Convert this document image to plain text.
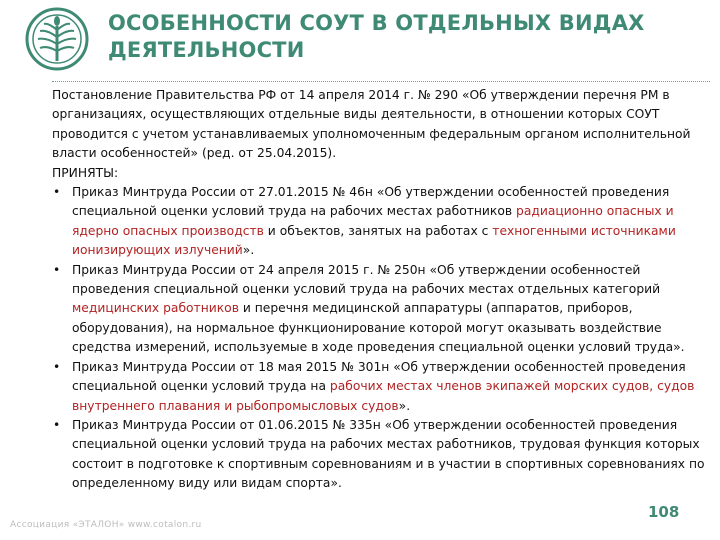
ОСОБЕННОСТИ СОУТ В ОТДЕЛЬНЫХ ВИДАХ ДЕЯТЕЛЬНОСТИ

Постановление Правительства РФ от 14 апреля 2014 г. № 290 «Об утверждении перечня РМ в организациях, осуществляющих отдельные виды деятельности, в отношении которых СОУТ проводится с учетом устанавливаемых уполномоченным федеральным органом исполнительной власти особенностей» (ред. от 25.04.2015).

ПРИНЯТЫ:

• Приказ Минтруда России от 27.01.2015 № 46н «Об утверждении особенностей проведения специальной оценки условий труда на рабочих местах работников радиационно опасных и ядерно опасных производств и объектов, занятых на работах с техногенными источниками ионизирующих излучений».
• Приказ Минтруда России от 24 апреля 2015 г. № 250н «Об утверждении особенностей проведения специальной оценки условий труда на рабочих местах отдельных категорий медицинских работников и перечня медицинской аппаратуры (аппаратов, приборов, оборудования), на нормальное функционирование которой могут оказывать воздействие средства измерений, используемые в ходе проведения специальной оценки условий труда».
• Приказ Минтруда России от 18 мая 2015 № 301н «Об утверждении особенностей проведения специальной оценки условий труда на рабочих местах членов экипажей морских судов, судов внутреннего плавания и рыбопромысловых судов».
• Приказ Минтруда России от 01.06.2015 № 335н «Об утверждении особенностей проведения специальной оценки условий труда на рабочих местах работников, трудовая функция которых состоит в подготовке к спортивным соревнованиям и в участии в спортивных соревнованиях по определенному виду или видам спорта».
Ассоциация «ЭТАЛОН» www.cotalon.ru
108
